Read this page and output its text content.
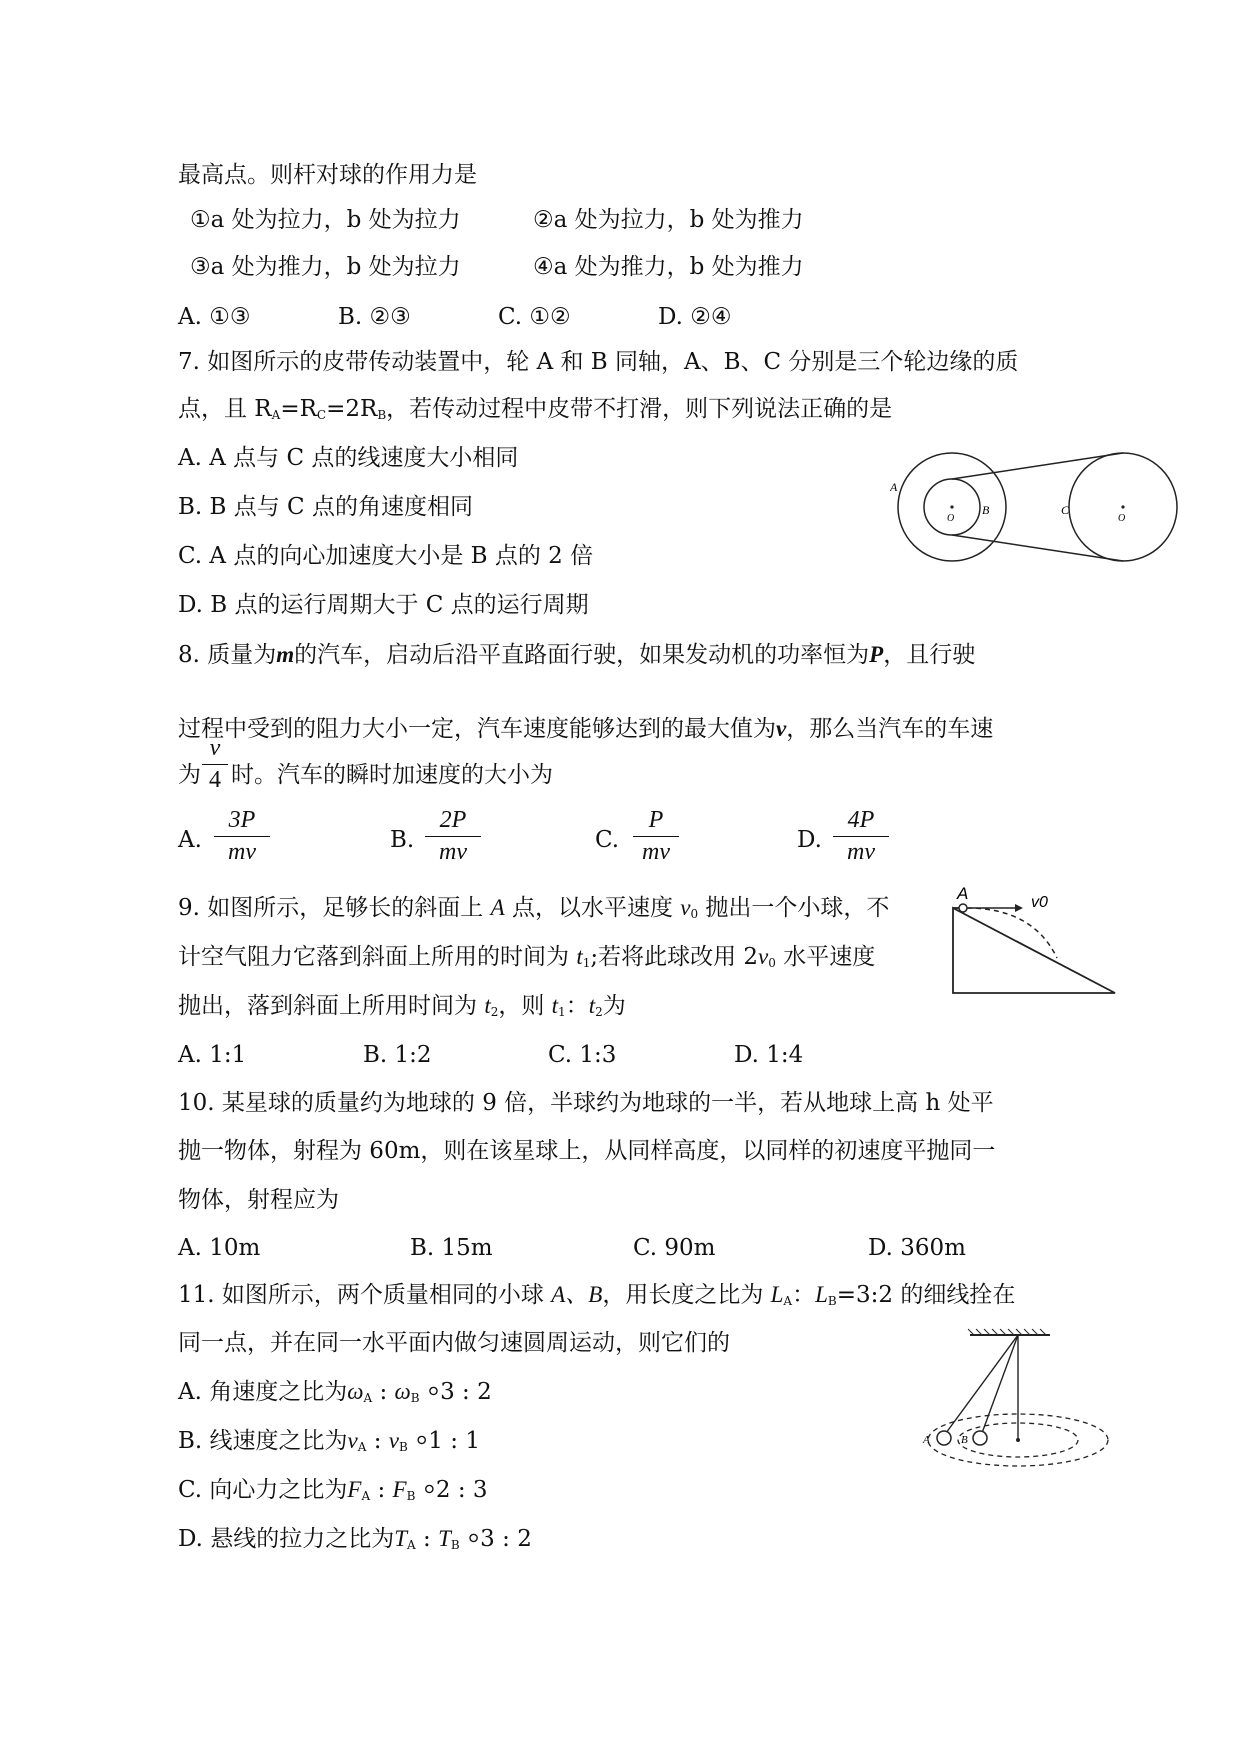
最高点。则杆对球的作用力是
①a 处为拉力，b 处为拉力	②a 处为拉力，b 处为推力
③a 处为推力，b 处为拉力	④a 处为推力，b 处为推力
A. ①③	B. ②③	C. ①②	D. ②④
7. 如图所示的皮带传动装置中，轮 A 和 B 同轴，A、B、C 分别是三个轮边缘的质
点，且 $R_A=R_C=2R_B$，若传动过程中皮带不打滑，则下列说法正确的是
A. A 点与 C 点的线速度大小相同
B. B 点与 C 点的角速度相同
C. A 点的向心加速度大小是 B 点的 2 倍
D. B 点的运行周期大于 C 点的运行周期
A
O
B	C
O
8. 质量为m的汽车，启动后沿平直路面行驶，如果发动机的功率恒为P，且行驶
过程中受到的阻力大小一定，汽车速度能够达到的最大值为v，那么当汽车的车速
为 时。汽车的瞬时加速度的大小为
$\frac{v}{4}$
A. $\frac{3P}{mv}$	B. $\frac{2P}{mv}$	C. $\frac{P}{mv}$	D. $\frac{4P}{mv}$
9. 如图所示，足够长的斜面上 A 点，以水平速度 $v_0$ 抛出一个小球，不
计空气阻力它落到斜面上所用的时间为 $t_1$;若将此球改用 $2v_0$ 水平速度
抛出，落到斜面上所用时间为 $t_2$，则 $t_1$：$t_2$为
A. 1:1	B. 1:2	C. 1:3	D. 1:4
A	v0
10. 某星球的质量约为地球的 9 倍，半球约为地球的一半，若从地球上高 h 处平
抛一物体，射程为 60m，则在该星球上，从同样高度，以同样的初速度平抛同一
物体，射程应为
A. 10m	B. 15m	C. 90m	D. 360m
11. 如图所示，两个质量相同的小球 A、B，用长度之比为 $L_A$：$L_B=3:2$ 的细线拴在
同一点，并在同一水平面内做匀速圆周运动，则它们的
A. 角速度之比为$\omega_A$ : $\omega_B$ ⸰3 : 2
B. 线速度之比为$v_A$ : $v_B$ ⸰1 : 1
C. 向心力之比为$F_A$ : $F_B$ ⸰2 : 3
D. 悬线的拉力之比为$T_A$ : $T_B$ ⸰3 : 2
A	B
